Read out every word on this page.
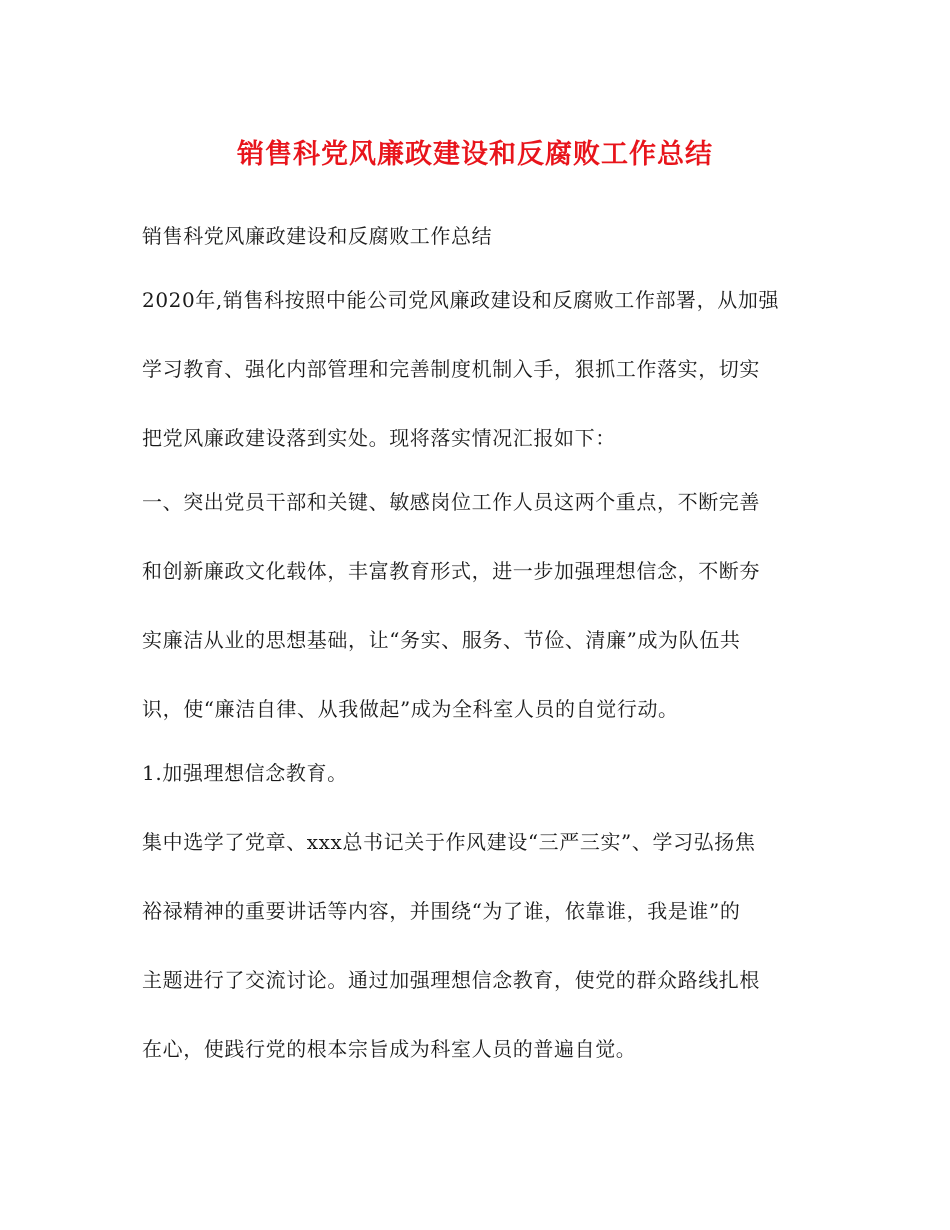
销售科党风廉政建设和反腐败工作总结
销售科党风廉政建设和反腐败工作总结
2020年,销售科按照中能公司党风廉政建设和反腐败工作部署，从加强
学习教育、强化内部管理和完善制度机制入手，狠抓工作落实，切实
把党风廉政建设落到实处。现将落实情况汇报如下：
一、突出党员干部和关键、敏感岗位工作人员这两个重点，不断完善
和创新廉政文化载体，丰富教育形式，进一步加强理想信念，不断夯
实廉洁从业的思想基础，让“务实、服务、节俭、清廉”成为队伍共
识，使“廉洁自律、从我做起”成为全科室人员的自觉行动。
1.加强理想信念教育。
集中选学了党章、xxx总书记关于作风建设“三严三实”、学习弘扬焦
裕禄精神的重要讲话等内容，并围绕“为了谁，依靠谁，我是谁”的
主题进行了交流讨论。通过加强理想信念教育，使党的群众路线扎根
在心，使践行党的根本宗旨成为科室人员的普遍自觉。
